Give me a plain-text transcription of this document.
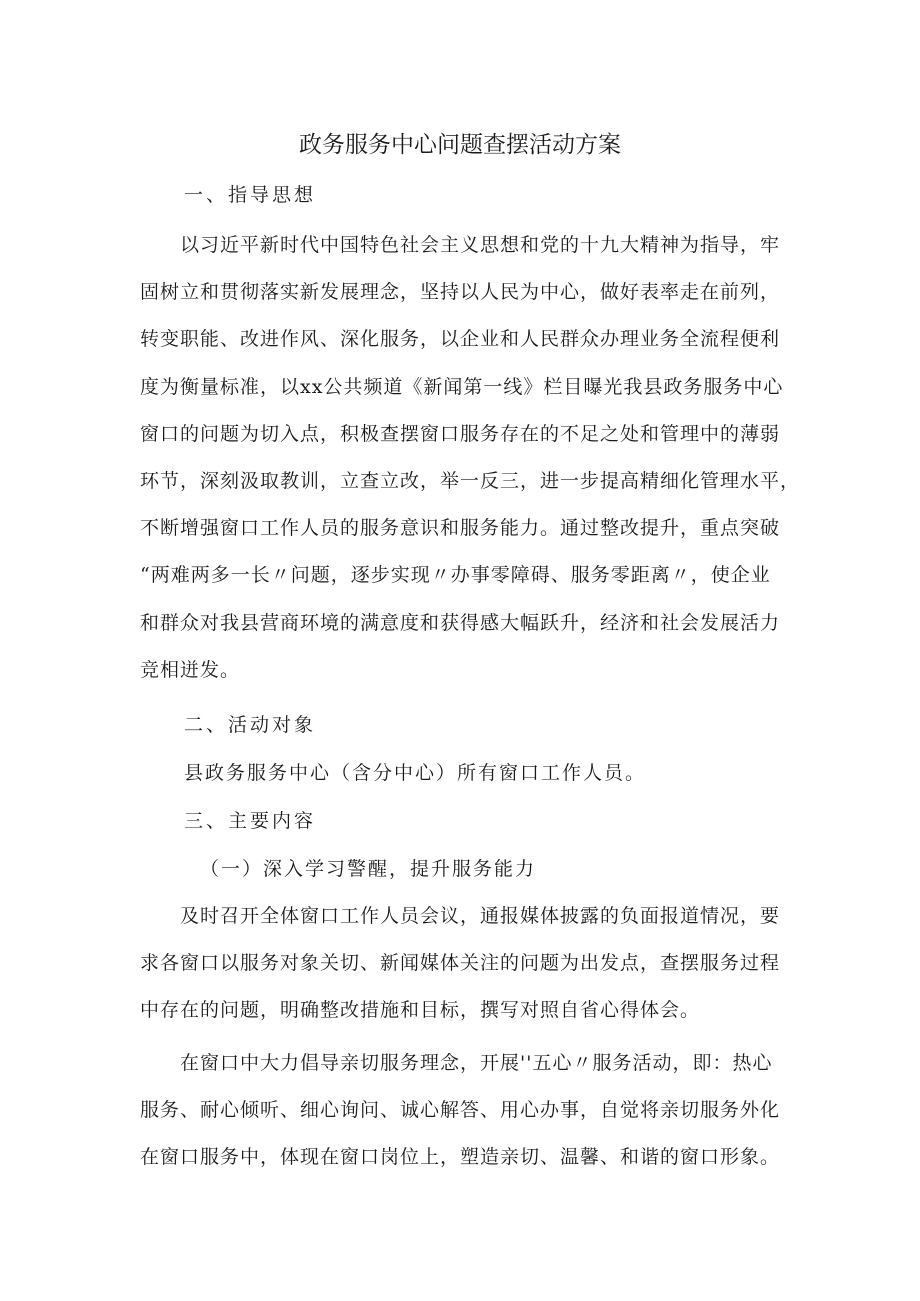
政务服务中心问题查摆活动方案
一、指导思想
以习近平新时代中国特色社会主义思想和党的十九大精神为指导，牢
固树立和贯彻落实新发展理念，坚持以人民为中心，做好表率走在前列，
转变职能、改进作风、深化服务，以企业和人民群众办理业务全流程便利
度为衡量标准，以xx公共频道《新闻第一线》栏目曝光我县政务服务中心
窗口的问题为切入点，积极查摆窗口服务存在的不足之处和管理中的薄弱
环节，深刻汲取教训，立查立改，举一反三，进一步提高精细化管理水平，
不断增强窗口工作人员的服务意识和服务能力。通过整改提升，重点突破
“两难两多一长〃问题，逐步实现〃办事零障碍、服务零距离〃，使企业
和群众对我县营商环境的满意度和获得感大幅跃升，经济和社会发展活力
竞相迸发。
二、活动对象
县政务服务中心（含分中心）所有窗口工作人员。
三、主要内容
（一）深入学习警醒，提升服务能力
及时召开全体窗口工作人员会议，通报媒体披露的负面报道情况，要
求各窗口以服务对象关切、新闻媒体关注的问题为出发点，查摆服务过程
中存在的问题，明确整改措施和目标，撰写对照自省心得体会。
在窗口中大力倡导亲切服务理念，开展''五心〃服务活动，即：热心
服务、耐心倾听、细心询问、诚心解答、用心办事，自觉将亲切服务外化
在窗口服务中，体现在窗口岗位上，塑造亲切、温馨、和谐的窗口形象。
